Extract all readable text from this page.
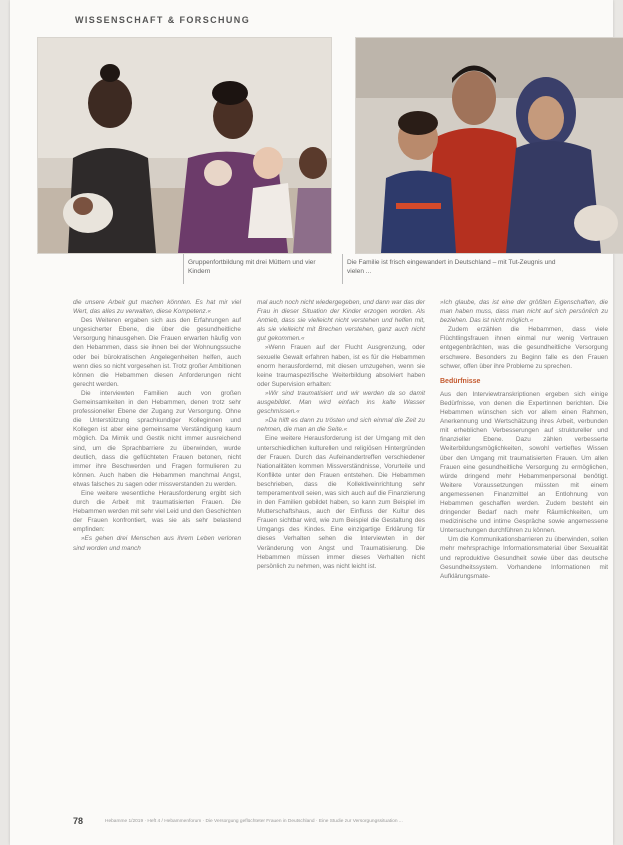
WISSENSCHAFT & FORSCHUNG
Gruppenfortbildung mit drei Müttern und vier Kindern
Die Familie ist frisch eingewandert in Deutschland – mit Tut-Zeugnis und vielen ...

die unsere Arbeit gut machen könnten. Es hat mir viel Wert, das alles zu verwalten, diese Kompetenz.«

Des Weiteren ergaben sich aus den Erfahrungen auf ungesicherter Ebene, die über die gesundheitliche Versorgung hinausgehen. Die Frauen erwarten häufig von den Hebammen, dass sie ihnen bei der Wohnungssuche oder bei bürokratischen Angelegenheiten helfen, auch wenn dies so nicht vorgesehen ist. Trotz großer Ambitionen können die Hebammen diesen Anforderungen nicht gerecht werden.

Die interviewten Familien auch von großen Gemeinsamkeiten in den Hebammen, denen trotz sehr professioneller Ebene der Zugang zur Versorgung. Ohne die Unterstützung sprachkundiger Kolleginnen und Kollegen ist aber eine gemeinsame Verständigung kaum möglich. Da Mimik und Gestik nicht immer ausreichend sind, um die Sprachbarriere zu überwinden, wurde deutlich, dass die geflüchteten Frauen betonen, nicht immer ihre Beschwerden und Fragen formulieren zu können. Auch haben die Hebammen manchmal Angst, etwas falsches zu sagen oder missverstanden zu werden.

Eine weitere wesentliche Herausforderung ergibt sich durch die Arbeit mit traumatisierten Frauen. Die Hebammen werden mit sehr viel Leid und den Geschichten der Frauen konfrontiert, was sie als sehr belastend empfinden:

»Es gehen drei Menschen aus ihrem Leben verloren sind worden und manch

mal auch noch nicht wiedergegeben, und dann war das der Frau in dieser Situation der Kinder erzogen worden. Als Antrieb, dass sie vielleicht nicht verstehen und helfen mit, als sie vielleicht mit Brechen verstehen, ganz auch nicht gut gekommen.«

»Wenn Frauen auf der Flucht Ausgrenzung, oder sexuelle Gewalt erfahren haben, ist es für die Hebammen enorm herausfordernd, mit diesen umzugehen, wenn sie keine traumaspezifische Weiterbildung absolviert haben oder Supervision erhalten:

»Wir sind traumatisiert und wir werden da so damit ausgebildet. Man wird einfach ins kalte Wasser geschmissen.«

»Da hilft es dann zu trösten und sich einmal die Zeit zu nehmen, die man an die Seite.«

Eine weitere Herausforderung ist der Umgang mit den unterschiedlichen kulturellen und religiösen Hintergründen der Frauen. Durch das Aufeinandertreffen verschiedener Nationalitäten kommen Missverständnisse, Vorurteile und Konflikte unter den Frauen entstehen. Die Hebammen beschrieben, dass die Kollektiveinrichtung sehr temperamentvoll seien, was sich auch auf die Finanzierung in den Familien gebildet haben, so kann zum Beispiel im Mutterschaftshaus, auch der Einfluss der Kultur des Frauen sichtbar wird, wie zum Beispiel die Gestaltung des Umgangs des Kindes. Eine einzigartige Erklärung für dieses Verhalten sehen die Interviewten in der Veränderung von Angst und Traumatisierung. Die Hebammen müssen immer dieses Verhalten nicht persönlich zu nehmen, was nicht leicht ist.

»Ich glaube, das ist eine der größten Eigenschaften, die man haben muss, dass man nicht auf sich persönlich zu beziehen. Das ist nicht möglich.«

Zudem erzählen die Hebammen, dass viele Flüchtlingsfrauen ihnen einmal nur wenig Vertrauen entgegenbrächten, was die gesundheitliche Versorgung erschwere. Besonders zu Beginn falle es den Frauen schwer, offen über ihre Probleme zu sprechen.

Bedürfnisse

Aus den Interviewtranskriptionen ergeben sich einige Bedürfnisse, von denen die Expertinnen berichten. Die Hebammen wünschen sich vor allem einen Rahmen, Anerkennung und Wertschätzung ihres Arbeit, verbunden mit erheblichen Verbesserungen auf struktureller und finanzieller Ebene. Dazu zählen verbesserte Weiterbildungsmöglichkeiten, sowohl vertieftes Wissen über den Umgang mit traumatisierten Frauen. Um allen Frauen eine gesundheitliche Versorgung zu ermöglichen, würde dringend mehr Hebammenpersonal benötigt. Weitere Voraussetzungen müssten mit einem angemessenen Finanzmittel an Entlohnung von Hebammen geschaffen werden. Zudem besteht ein dringender Bedarf nach mehr Räumlichkeiten, um medizinische und intime Gespräche sowie angemessene Untersuchungen durchführen zu können.

Um die Kommunikationsbarrieren zu überwinden, sollen mehr mehrsprachige Informationsmaterial über Sexualität und reproduktive Gesundheit sowie über das deutsche Gesundheitssystem. Vorhandene Informationen mit Aufklärungsmate-

78	Hebamme 1/2019 · Heft 4 / Hebammenforum · Die Versorgung geflüchteter Frauen in Deutschland · Eine Studie zur Versorgungssituation ...
